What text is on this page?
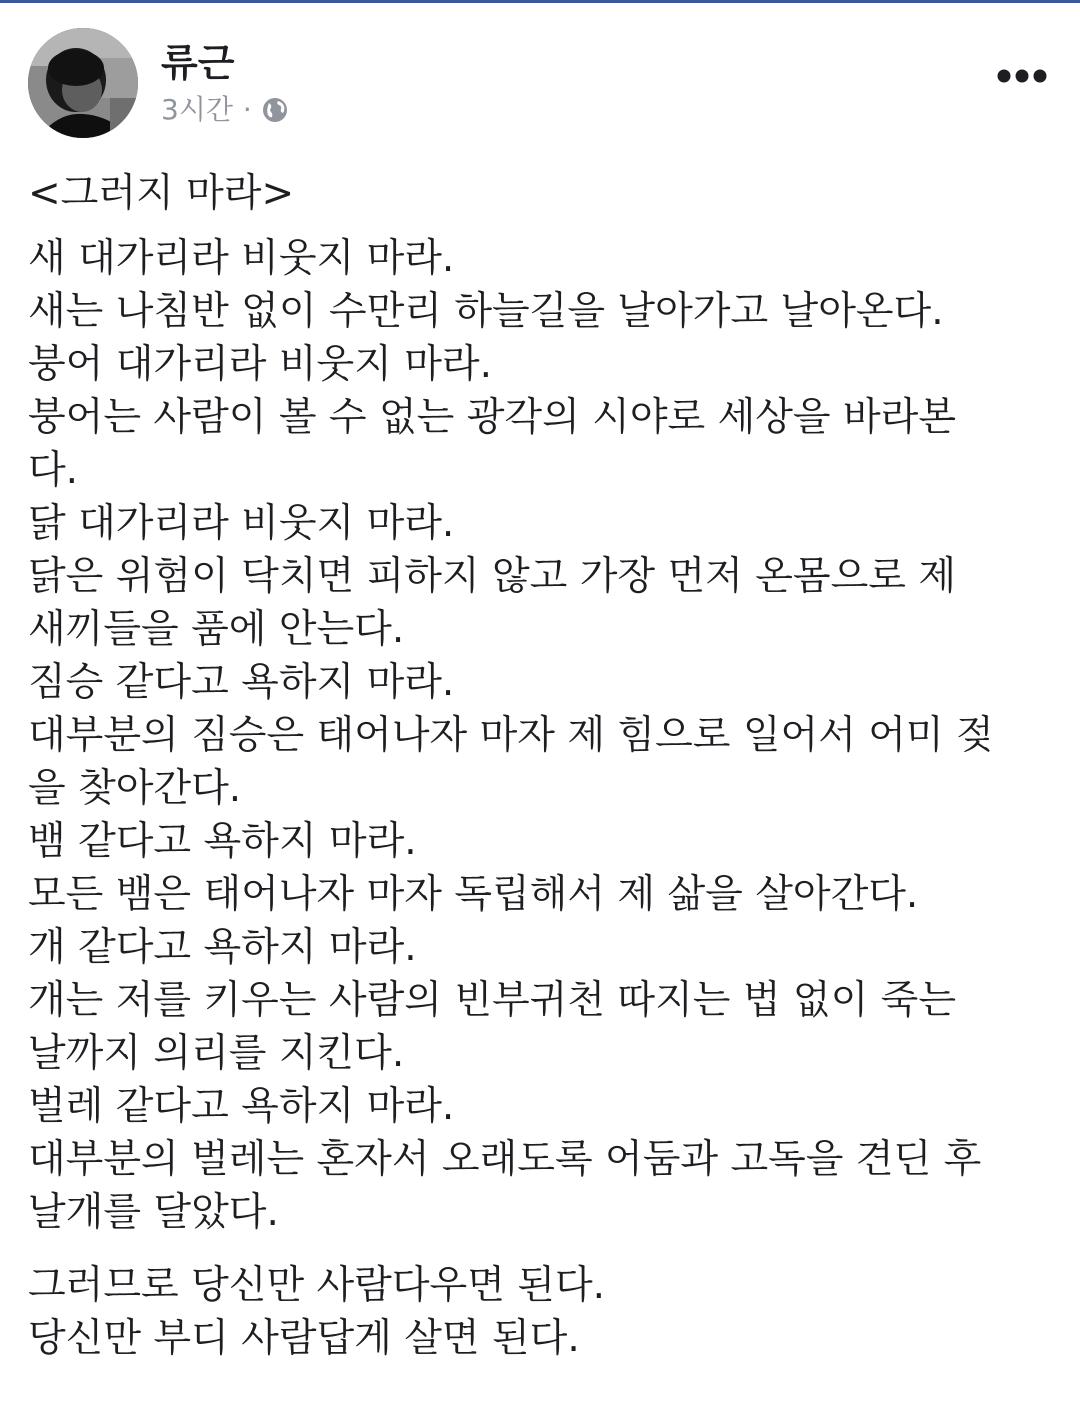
류근
3시간 ·
<그러지 마라>
새 대가리라 비웃지 마라.
새는 나침반 없이 수만리 하늘길을 날아가고 날아온다.
붕어 대가리라 비웃지 마라.
붕어는 사람이 볼 수 없는 광각의 시야로 세상을 바라본
다.
닭 대가리라 비웃지 마라.
닭은 위험이 닥치면 피하지 않고 가장 먼저 온몸으로 제
새끼들을 품에 안는다.
짐승 같다고 욕하지 마라.
대부분의 짐승은 태어나자 마자 제 힘으로 일어서 어미 젖
을 찾아간다.
뱀 같다고 욕하지 마라.
모든 뱀은 태어나자 마자 독립해서 제 삶을 살아간다.
개 같다고 욕하지 마라.
개는 저를 키우는 사람의 빈부귀천 따지는 법 없이 죽는
날까지 의리를 지킨다.
벌레 같다고 욕하지 마라.
대부분의 벌레는 혼자서 오래도록 어둠과 고독을 견딘 후
날개를 달았다.
그러므로 당신만 사람다우면 된다.
당신만 부디 사람답게 살면 된다.
